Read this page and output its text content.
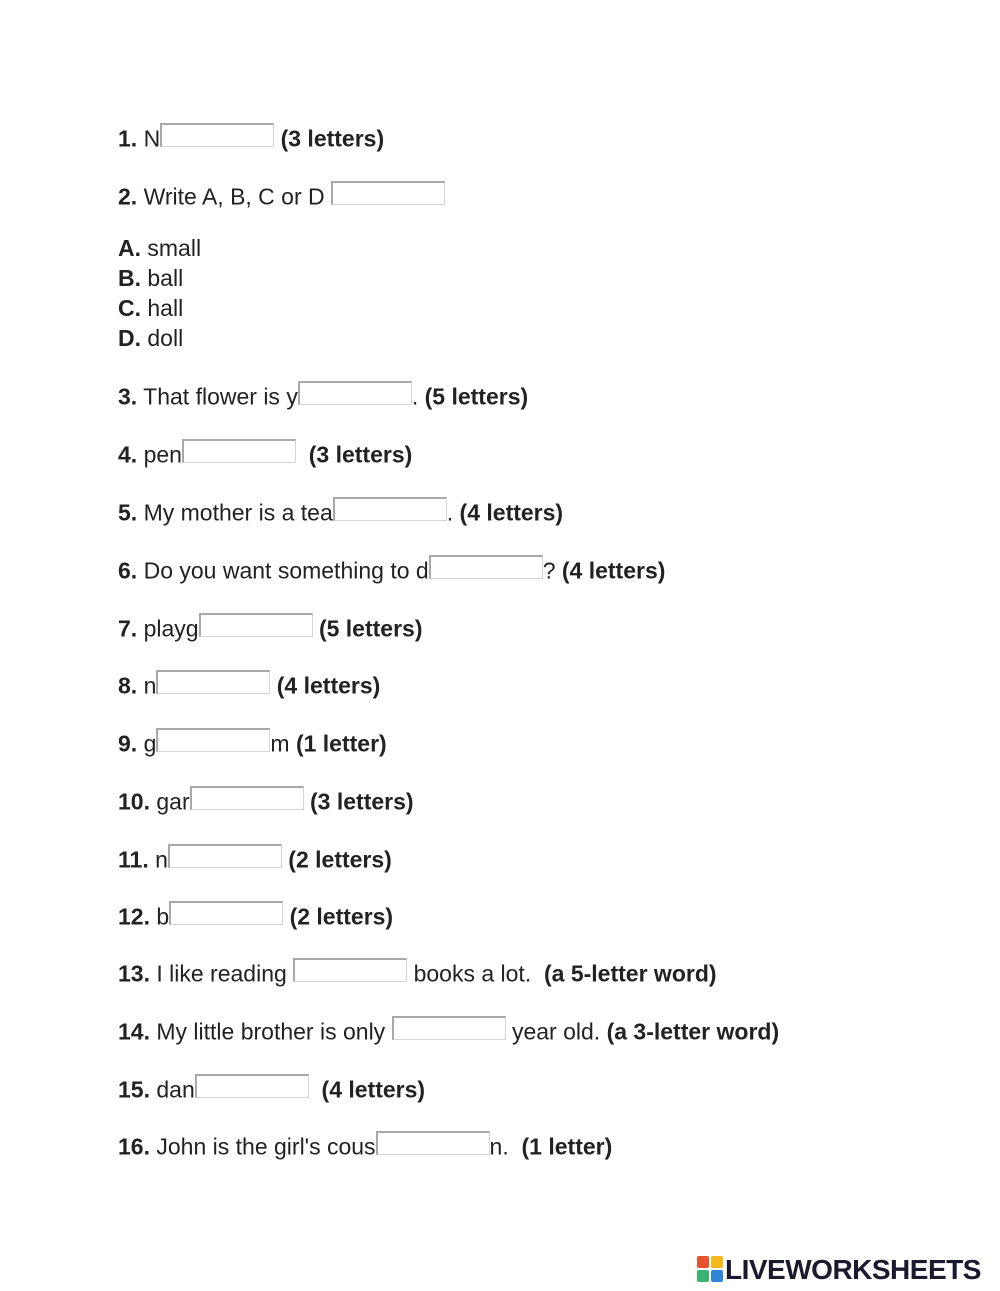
1. N	(3 letters)
2. Write A, B, C or D
A. small
B. ball
C. hall
D. doll
3. That flower is y	. (5 letters)
4. pen	(3 letters)
5. My mother is a tea	. (4 letters)
6. Do you want something to d	? (4 letters)
7. playg	(5 letters)
8. n	(4 letters)
9. g	m (1 letter)
10. gar	(3 letters)
11. n	(2 letters)
12. b	(2 letters)
13. I like reading	books a lot. (a 5-letter word)
14. My little brother is only	year old. (a 3-letter word)
15. dan	(4 letters)
16. John is the girl's cous	n. (1 letter)
LIVEWORKSHEETS
